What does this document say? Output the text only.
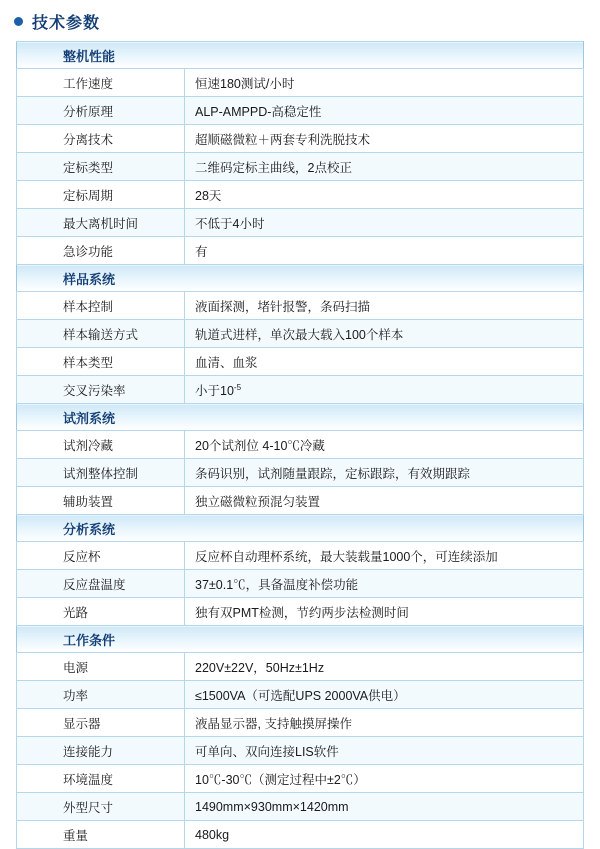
技术参数
整机性能	
工作速度	恒速180测试/小时
分析原理	ALP-AMPPD-高稳定性
分离技术	超顺磁微粒＋两套专利洗脱技术
定标类型	二维码定标主曲线，2点校正
定标周期	28天
最大离机时间	不低于4小时
急诊功能	有
样品系统	
样本控制	液面探测，堵针报警，条码扫描
样本输送方式	轨道式进样，单次最大载入100个样本
样本类型	血清、血浆
交叉污染率	小于$10^{-5}$
试剂系统	
试剂冷藏	20个试剂位 4-10℃冷藏
试剂整体控制	条码识别，试剂随量跟踪，定标跟踪，有效期跟踪
辅助装置	独立磁微粒预混匀装置
分析系统	
反应杯	反应杯自动理杯系统，最大装载量1000个，可连续添加
反应盘温度	37±0.1℃，具备温度补偿功能
光路	独有双PMT检测，节约两步法检测时间
工作条件	
电源	220V±22V，50Hz±1Hz
功率	≤1500VA（可选配UPS 2000VA供电）
显示器	液晶显示器, 支持触摸屏操作
连接能力	可单向、双向连接LIS软件
环境温度	10℃-30℃（测定过程中±2℃）
外型尺寸	1490mm×930mm×1420mm
重量	480kg
